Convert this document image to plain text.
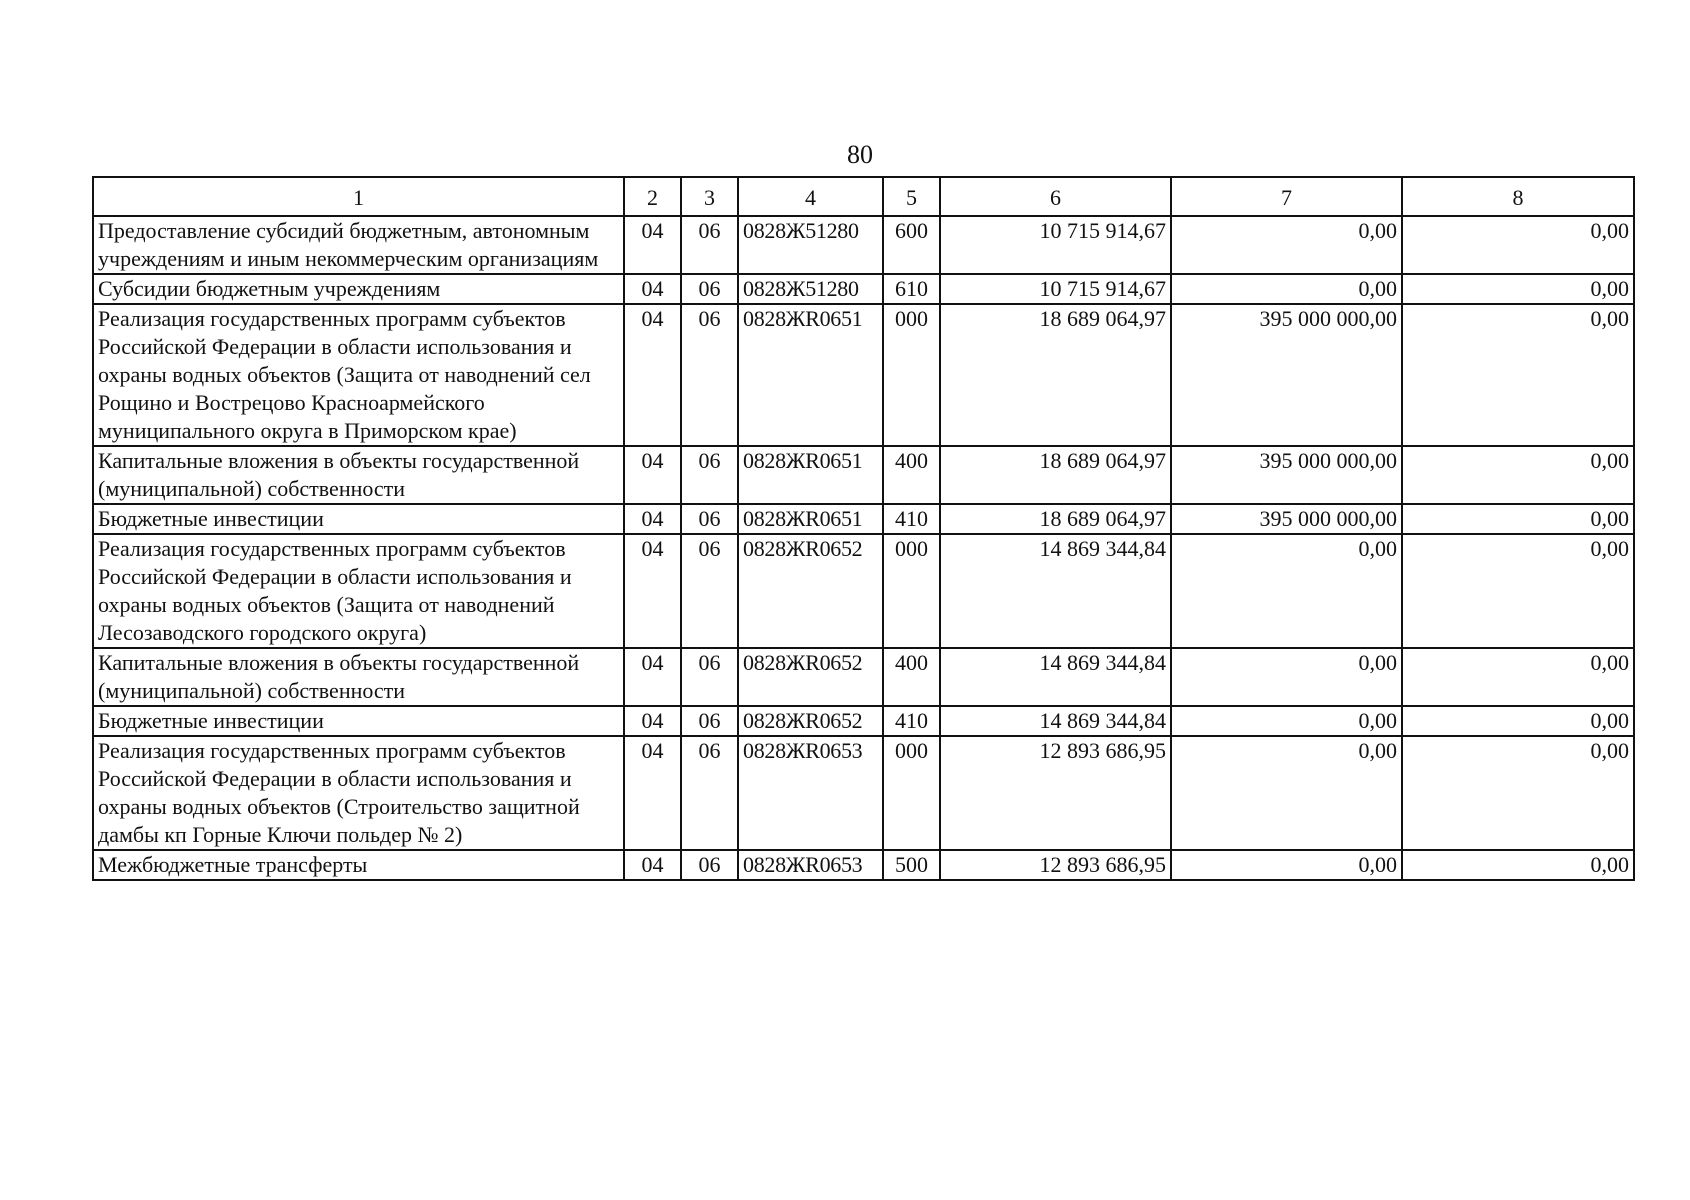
80
1	2	3	4	5	6	7	8
Предоставление субсидий бюджетным, автономным учреждениям и иным некоммерческим организациям	04	06	0828Ж51280	600	10 715 914,67	0,00	0,00
Субсидии бюджетным учреждениям	04	06	0828Ж51280	610	10 715 914,67	0,00	0,00
Реализация государственных программ субъектов Российской Федерации в области использования и охраны водных объектов (Защита от наводнений сел Рощино и Вострецово Красноармейского муниципального округа в Приморском крае)	04	06	0828ЖR0651	000	18 689 064,97	395 000 000,00	0,00
Капитальные вложения в объекты государственной (муниципальной) собственности	04	06	0828ЖR0651	400	18 689 064,97	395 000 000,00	0,00
Бюджетные инвестиции	04	06	0828ЖR0651	410	18 689 064,97	395 000 000,00	0,00
Реализация государственных программ субъектов Российской Федерации в области использования и охраны водных объектов (Защита от наводнений Лесозаводского городского округа)	04	06	0828ЖR0652	000	14 869 344,84	0,00	0,00
Капитальные вложения в объекты государственной (муниципальной) собственности	04	06	0828ЖR0652	400	14 869 344,84	0,00	0,00
Бюджетные инвестиции	04	06	0828ЖR0652	410	14 869 344,84	0,00	0,00
Реализация государственных программ субъектов Российской Федерации в области использования и охраны водных объектов (Строительство защитной дамбы кп Горные Ключи польдер № 2)	04	06	0828ЖR0653	000	12 893 686,95	0,00	0,00
Межбюджетные трансферты	04	06	0828ЖR0653	500	12 893 686,95	0,00	0,00
